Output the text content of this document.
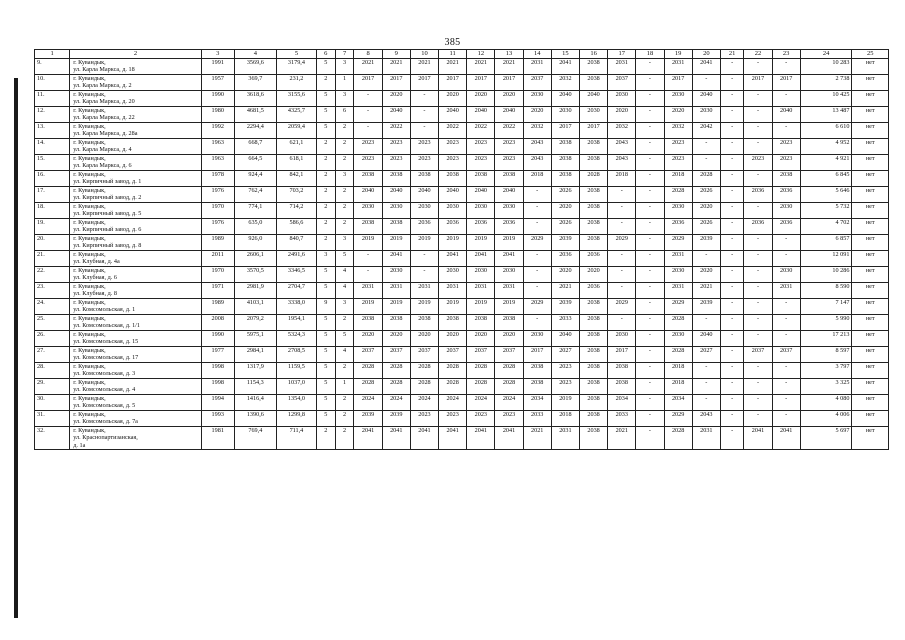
385
1	2	3	4	5	6	7	8	9	10	11	12	13	14	15	16	17	18	19	20	21	22	23	24	25
9.	г. Кувандык,
ул. Карла Маркса, д. 18	1991	3569,6	3179,4	5	3	2021	2021	2021	2021	2021	2021	2031	2041	2038	2031	-	2031	2041	-	-	-	10 283	нет
10.	г. Кувандык,
ул. Карла Маркса, д. 2	1957	369,7	231,2	2	1	2017	2017	2017	2017	2017	2017	2037	2032	2038	2037	-	2017	-	-	2017	2017	2 738	нет
11.	г. Кувандык,
ул. Карла Маркса, д. 20	1990	3618,6	3155,6	5	3	-	2020	-	2020	2020	2020	2030	2040	2040	2030	-	2030	2040	-	-	-	10 425	нет
12.	г. Кувандык,
ул. Карла Маркса, д. 22	1980	4681,5	4325,7	5	6	-	2040	-	2040	2040	2040	2020	2030	2030	2020	-	2020	2030	-	-	2040	13 487	нет
13.	г. Кувандык,
ул. Карла Маркса, д. 28а	1992	2294,4	2059,4	5	2	-	2022	-	2022	2022	2022	2032	2017	2017	2032	-	2032	2042	-	-	-	6 610	нет
14.	г. Кувандык,
ул. Карла Маркса, д. 4	1963	668,7	621,1	2	2	2023	2023	2023	2023	2023	2023	2043	2038	2038	2043	-	2023	-	-	-	2023	4 952	нет
15.	г. Кувандык,
ул. Карла Маркса, д. 6	1963	664,5	618,1	2	2	2023	2023	2023	2023	2023	2023	2043	2038	2038	2043	-	2023	-	-	2023	2023	4 921	нет
16.	г. Кувандык,
ул. Кирпичный завод, д. 1	1978	924,4	842,1	2	3	2038	2038	2038	2038	2038	2038	2018	2038	2028	2018	-	2018	2028	-	-	2038	6 845	нет
17.	г. Кувандык,
ул. Кирпичный завод, д. 2	1976	762,4	703,2	2	2	2040	2040	2040	2040	2040	2040	-	2026	2038	-	-	2028	2026	-	2036	2036	5 646	нет
18.	г. Кувандык,
ул. Кирпичный завод, д. 5	1970	774,1	714,2	2	2	2030	2030	2030	2030	2030	2030	-	2020	2038	-	-	2030	2020	-	-	2030	5 732	нет
19.	г. Кувандык,
ул. Кирпичный завод, д. 6	1976	635,0	586,6	2	2	2038	2038	2036	2036	2036	2036	-	2026	2038	-	-	2036	2026	-	2036	2036	4 702	нет
20.	г. Кувандык,
ул. Кирпичный завод, д. 8	1989	926,0	840,7	2	3	2019	2019	2019	2019	2019	2019	2029	2039	2038	2029	-	2029	2039	-	-	-	6 857	нет
21.	г. Кувандык,
ул. Клубная, д. 4а	2011	2606,1	2491,6	3	5	-	2041	-	2041	2041	2041	-	2036	2036	-	-	2031	-	-	-	-	12 091	нет
22.	г. Кувандык,
ул. Клубная, д. 6	1970	3570,5	3346,5	5	4	-	2030	-	2030	2030	2030	-	2020	2020	-	-	2030	2020	-	-	2030	10 286	нет
23.	г. Кувандык,
ул. Клубная, д. 8	1971	2981,9	2704,7	5	4	2031	2031	2031	2031	2031	2031	-	2021	2036	-	-	2031	2021	-	-	2031	8 590	нет
24.	г. Кувандык,
ул. Комсомольская, д. 1	1989	4103,1	3338,0	9	3	2019	2019	2019	2019	2019	2019	2029	2039	2038	2029	-	2029	2039	-	-	-	7 147	нет
25.	г. Кувандык,
ул. Комсомольская, д. 1/1	2008	2079,2	1954,1	5	2	2038	2038	2038	2038	2038	2038	-	2033	2038	-	-	2028	-	-	-	-	5 990	нет
26.	г. Кувандык,
ул. Комсомольская, д. 15	1990	5975,1	5324,3	5	5	2020	2020	2020	2020	2020	2020	2030	2040	2038	2030	-	2030	2040	-	-	-	17 213	нет
27.	г. Кувандык,
ул. Комсомольская, д. 17	1977	2984,1	2708,5	5	4	2037	2037	2037	2037	2037	2037	2017	2027	2038	2017	-	2028	2027	-	2037	2037	8 597	нет
28.	г. Кувандык,
ул. Комсомольская, д. 3	1998	1317,9	1159,5	5	2	2028	2028	2028	2028	2028	2028	2038	2023	2038	2038	-	2018	-	-	-	-	3 797	нет
29.	г. Кувандык,
ул. Комсомольская, д. 4	1998	1154,3	1037,0	5	1	2028	2028	2028	2028	2028	2028	2038	2023	2038	2038	-	2018	-	-	-	-	3 325	нет
30.	г. Кувандык,
ул. Комсомольская, д. 5	1994	1416,4	1354,0	5	2	2024	2024	2024	2024	2024	2024	2034	2019	2038	2034	-	2034	-	-	-	-	4 080	нет
31.	г. Кувандык,
ул. Комсомольская, д. 7а	1993	1390,6	1299,8	5	2	2039	2039	2023	2023	2023	2023	2033	2018	2038	2033	-	2029	2043	-	-	-	4 006	нет
32.	г. Кувандык,
ул. Краснопартизанская,
д. 1а	1981	769,4	711,4	2	2	2041	2041	2041	2041	2041	2041	2021	2031	2038	2021	-	2028	2031	-	2041	2041	5 697	нет
